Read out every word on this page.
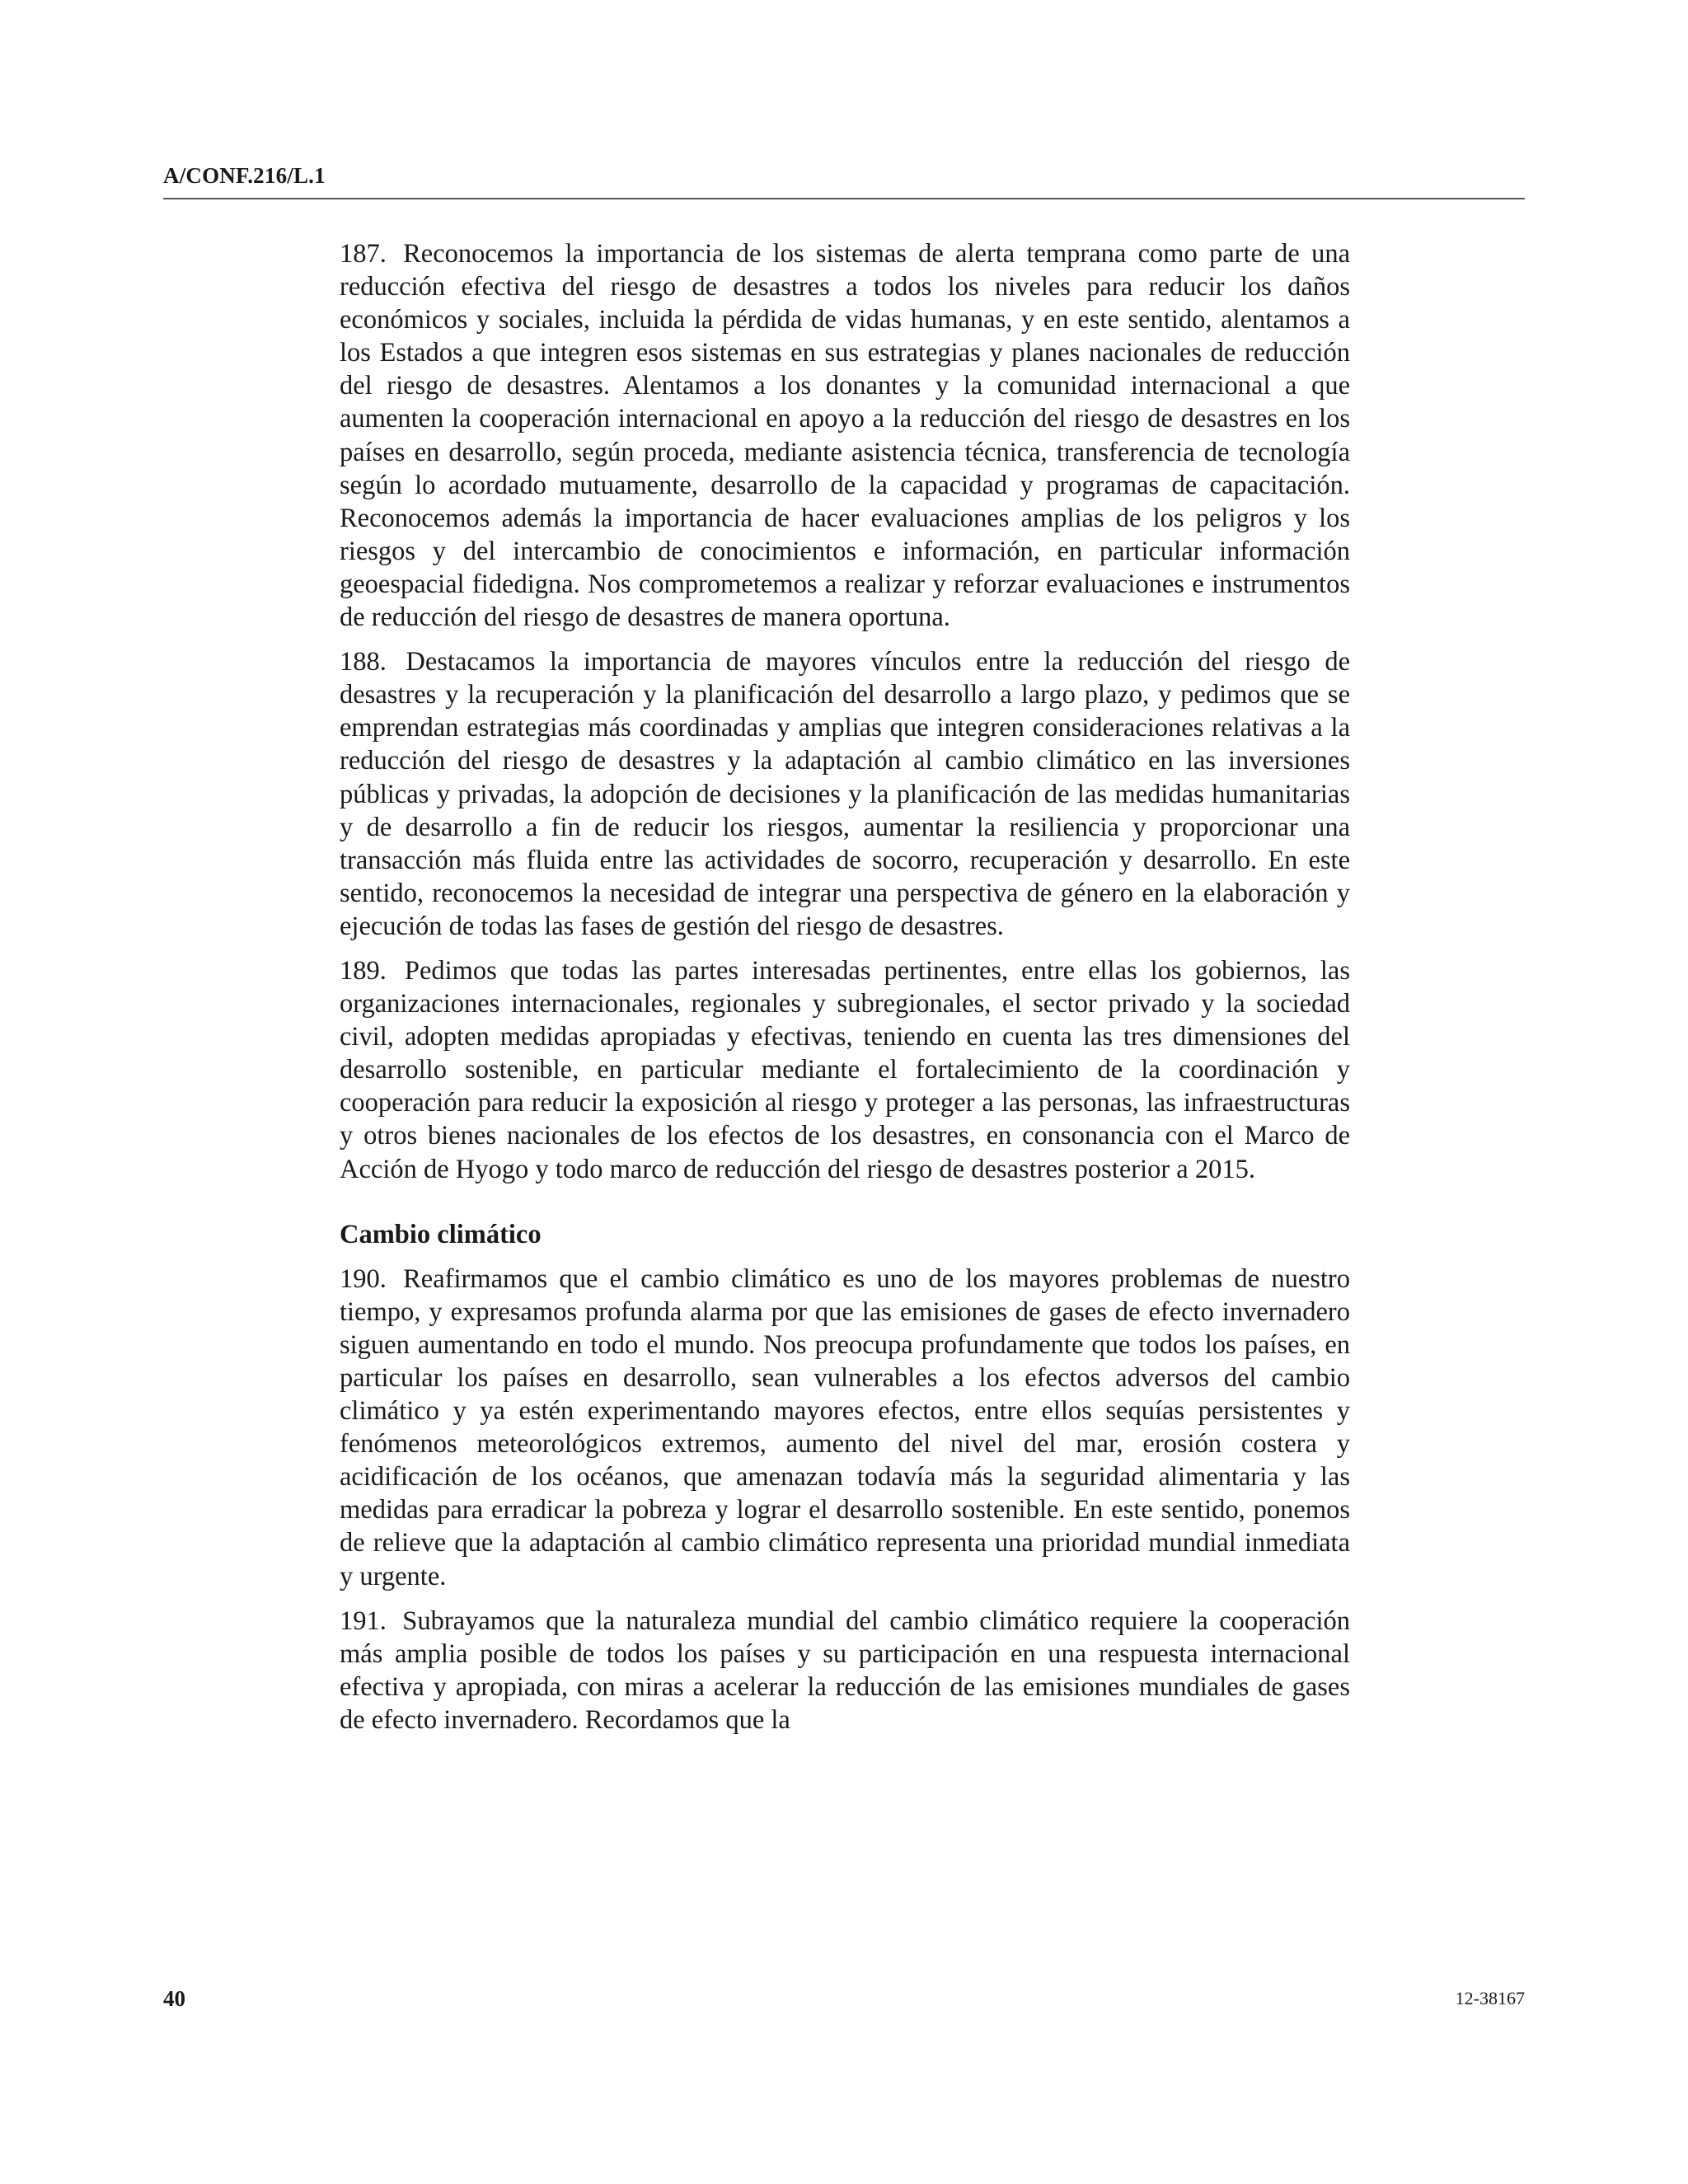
A/CONF.216/L.1

187. Reconocemos la importancia de los sistemas de alerta temprana como parte de una reducción efectiva del riesgo de desastres a todos los niveles para reducir los daños económicos y sociales, incluida la pérdida de vidas humanas, y en este sentido, alentamos a los Estados a que integren esos sistemas en sus estrategias y planes nacionales de reducción del riesgo de desastres. Alentamos a los donantes y la comunidad internacional a que aumenten la cooperación internacional en apoyo a la reducción del riesgo de desastres en los países en desarrollo, según proceda, mediante asistencia técnica, transferencia de tecnología según lo acordado mutuamente, desarrollo de la capacidad y programas de capacitación. Reconocemos además la importancia de hacer evaluaciones amplias de los peligros y los riesgos y del intercambio de conocimientos e información, en particular información geoespacial fidedigna. Nos comprometemos a realizar y reforzar evaluaciones e instrumentos de reducción del riesgo de desastres de manera oportuna.

188. Destacamos la importancia de mayores vínculos entre la reducción del riesgo de desastres y la recuperación y la planificación del desarrollo a largo plazo, y pedimos que se emprendan estrategias más coordinadas y amplias que integren consideraciones relativas a la reducción del riesgo de desastres y la adaptación al cambio climático en las inversiones públicas y privadas, la adopción de decisiones y la planificación de las medidas humanitarias y de desarrollo a fin de reducir los riesgos, aumentar la resiliencia y proporcionar una transacción más fluida entre las actividades de socorro, recuperación y desarrollo. En este sentido, reconocemos la necesidad de integrar una perspectiva de género en la elaboración y ejecución de todas las fases de gestión del riesgo de desastres.

189. Pedimos que todas las partes interesadas pertinentes, entre ellas los gobiernos, las organizaciones internacionales, regionales y subregionales, el sector privado y la sociedad civil, adopten medidas apropiadas y efectivas, teniendo en cuenta las tres dimensiones del desarrollo sostenible, en particular mediante el fortalecimiento de la coordinación y cooperación para reducir la exposición al riesgo y proteger a las personas, las infraestructuras y otros bienes nacionales de los efectos de los desastres, en consonancia con el Marco de Acción de Hyogo y todo marco de reducción del riesgo de desastres posterior a 2015.

Cambio climático

190. Reafirmamos que el cambio climático es uno de los mayores problemas de nuestro tiempo, y expresamos profunda alarma por que las emisiones de gases de efecto invernadero siguen aumentando en todo el mundo. Nos preocupa profundamente que todos los países, en particular los países en desarrollo, sean vulnerables a los efectos adversos del cambio climático y ya estén experimentando mayores efectos, entre ellos sequías persistentes y fenómenos meteorológicos extremos, aumento del nivel del mar, erosión costera y acidificación de los océanos, que amenazan todavía más la seguridad alimentaria y las medidas para erradicar la pobreza y lograr el desarrollo sostenible. En este sentido, ponemos de relieve que la adaptación al cambio climático representa una prioridad mundial inmediata y urgente.

191. Subrayamos que la naturaleza mundial del cambio climático requiere la cooperación más amplia posible de todos los países y su participación en una respuesta internacional efectiva y apropiada, con miras a acelerar la reducción de las emisiones mundiales de gases de efecto invernadero. Recordamos que la

40	12-38167
